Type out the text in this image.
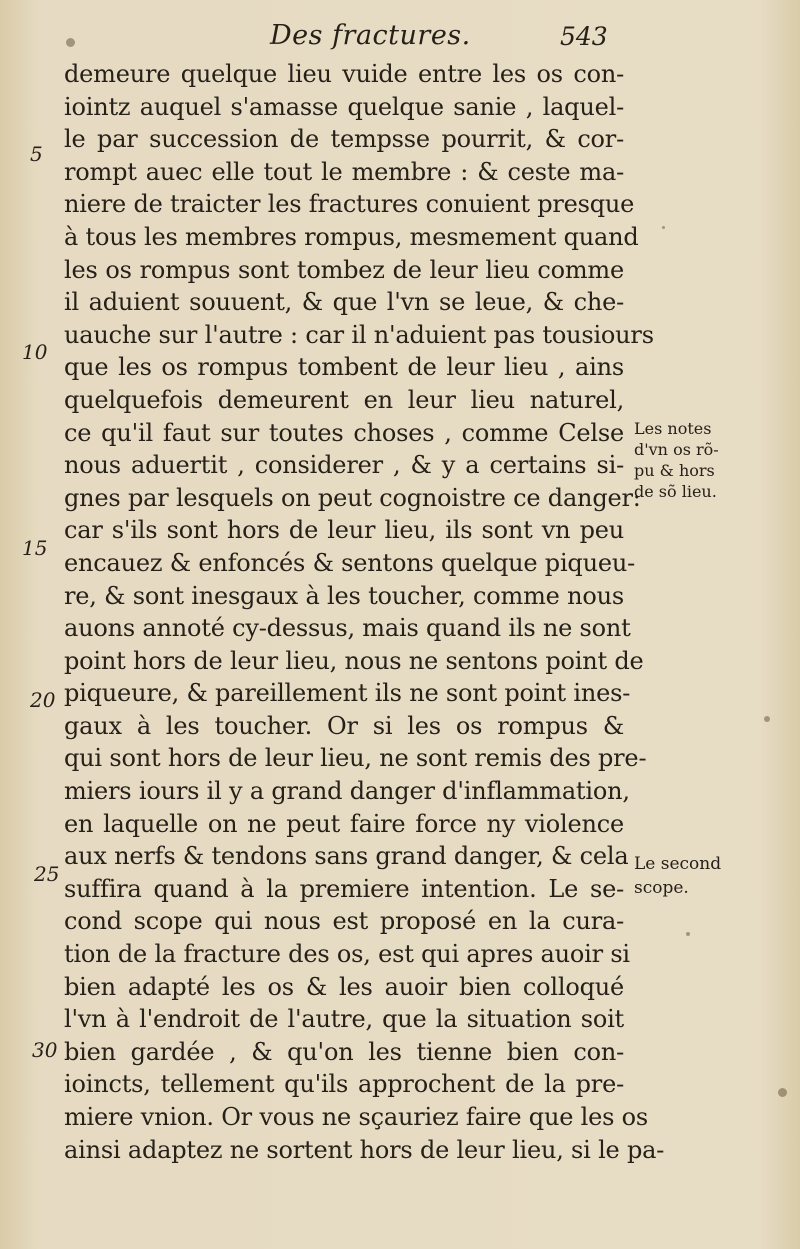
Des fractures.	543
5
10
15
20
25
30
demeure quelque lieu vuide entre les os con-
iointz auquel s'amasse quelque sanie , laquel-
le par succession de tempsse pourrit, & cor-
rompt auec elle tout le membre : & ceste ma-
niere de traicter les fractures conuient presque
à tous les membres rompus, mesmement quand
les os rompus sont tombez de leur lieu comme
il aduient souuent, & que l'vn se leue, & che-
uauche sur l'autre : car il n'aduient pas tousiours
que les os rompus tombent de leur lieu , ains
quelquefois demeurent en leur lieu naturel,
ce qu'il faut sur toutes choses , comme Celse
nous aduertit , considerer , & y a certains si-
gnes par lesquels on peut cognoistre ce danger:
car s'ils sont hors de leur lieu, ils sont vn peu
encauez & enfoncés & sentons quelque piqueu-
re, & sont inesgaux à les toucher, comme nous
auons annoté cy-dessus, mais quand ils ne sont
point hors de leur lieu, nous ne sentons point de
piqueure, & pareillement ils ne sont point ines-
gaux à les toucher. Or si les os rompus &
qui sont hors de leur lieu, ne sont remis des pre-
miers iours il y a grand danger d'inflammation,
en laquelle on ne peut faire force ny violence
aux nerfs & tendons sans grand danger, & cela
suffira quand à la premiere intention. Le se-
cond scope qui nous est proposé en la cura-
tion de la fracture des os, est qui apres auoir si
bien adapté les os & les auoir bien colloqué
l'vn à l'endroit de l'autre, que la situation soit
bien gardée , & qu'on les tienne bien con-
ioincts, tellement qu'ils approchent de la pre-
miere vnion. Or vous ne sçauriez faire que les os
ainsi adaptez ne sortent hors de leur lieu, si le pa-
Les notes
d'vn os rõ-
pu & hors
de sõ lieu.
Le second
scope.
